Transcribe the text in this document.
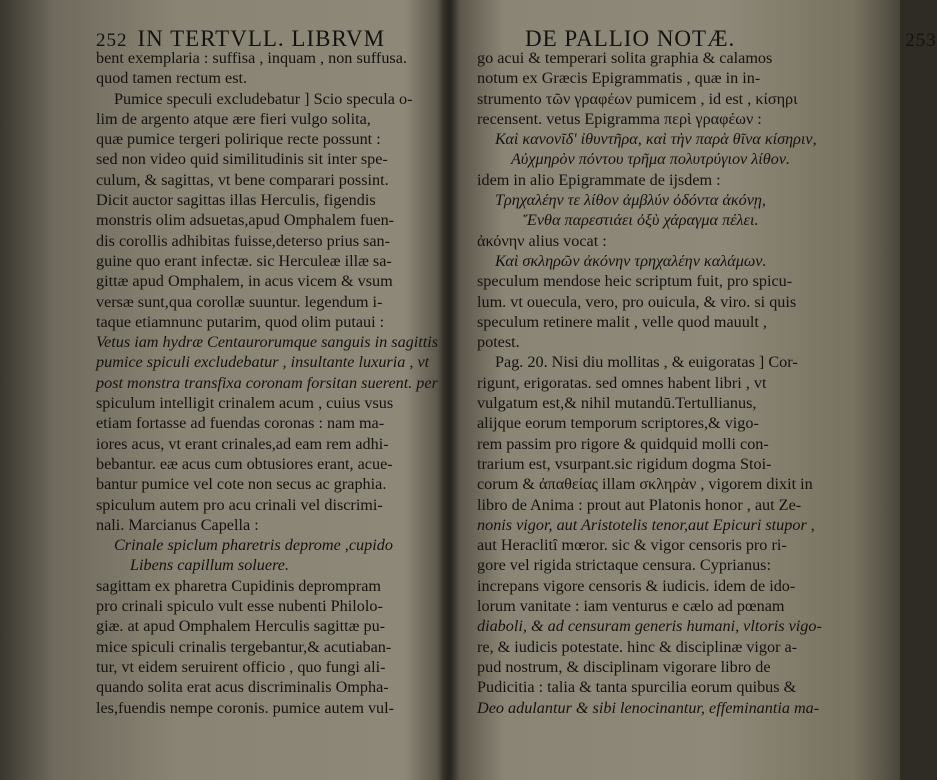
252 IN TERTVLL. LIBRVM
bent exemplaria : suffisa , inquam , non suffusa.
quod tamen rectum est.
Pumice speculi excludebatur ] Scio specula o-
lim de argento atque ære fieri vulgo solita,
quæ pumice tergeri polirique recte possunt :
sed non video quid similitudinis sit inter spe-
culum, & sagittas, vt bene comparari possint.
Dicit auctor sagittas illas Herculis, figendis
monstris olim adsuetas,apud Omphalem fuen-
dis corollis adhibitas fuisse,deterso prius san-
guine quo erant infectæ. sic Herculeæ illæ sa-
gittæ apud Omphalem, in acus vicem & vsum
versæ sunt,qua corollæ suuntur. legendum i-
taque etiamnunc putarim, quod olim putaui :
Vetus iam hydræ Centaurorumque sanguis in sagittis
pumice spiculi excludebatur , insultante luxuria , vt
post monstra transfixa coronam forsitan suerent. per
spiculum intelligit crinalem acum , cuius vsus
etiam fortasse ad fuendas coronas : nam ma-
iores acus, vt erant crinales,ad eam rem adhi-
bebantur. eæ acus cum obtusiores erant, acue-
bantur pumice vel cote non secus ac graphia.
spiculum autem pro acu crinali vel discrimi-
nali. Marcianus Capella :
Crinale spiclum pharetris deprome ,cupido
Libens capillum soluere.
sagittam ex pharetra Cupidinis deprompram
pro crinali spiculo vult esse nubenti Philolo-
giæ. at apud Omphalem Herculis sagittæ pu-
mice spiculi crinalis tergebantur,& acutiaban-
tur, vt eidem seruirent officio , quo fungi ali-
quando solita erat acus discriminalis Ompha-
les,fuendis nempe coronis. pumice autem vul-
DE PALLIO NOTÆ.	253
go acui & temperari solita graphia & calamos
notum ex Græcis Epigrammatis , quæ in in-
strumento τῶν γραφέων pumicem , id est , κίσηρι
recensent. vetus Epigramma περὶ γραφέων :
Καὶ κανονῖδ' ἰθυντῆρα, καὶ τὴν παρὰ θῖνα κίσηριν,
Αὐχμηρὸν πόντου τρῆμα πολυτρύγιον λίθον.
idem in alio Epigrammate de ijsdem :
Τρηχαλέην τε λίθον ἀμβλύν ὀδόντα ἀκόνῃ,
Ἔνθα παρεστιάει ὀξὺ χάραγμα πέλει.
ἀκόνην alius vocat :
Καὶ σκληρῶν ἀκόνην τρηχαλέην καλάμων.
speculum mendose heic scriptum fuit, pro spicu-
lum. vt ouecula, vero, pro ouicula, & viro. si quis
speculum retinere malit , velle quod mauult ,
potest.
Pag. 20. Nisi diu mollitas , & euigoratas ] Cor-
rigunt, erigoratas. sed omnes habent libri , vt
vulgatum est,& nihil mutandū.Tertullianus,
alijque eorum temporum scriptores,& vigo-
rem passim pro rigore & quidquid molli con-
trarium est, vsurpant.sic rigidum dogma Stoi-
corum & ἀπαθείας illam σκληρὰν , vigorem dixit in
libro de Anima : prout aut Platonis honor , aut Ze-
nonis vigor, aut Aristotelis tenor,aut Epicuri stupor ,
aut Heraclitî mœror. sic & vigor censoris pro ri-
gore vel rigida strictaque censura. Cyprianus:
increpans vigore censoris & iudicis. idem de ido-
lorum vanitate : iam venturus e cælo ad pœnam
diaboli, & ad censuram generis humani, vltoris vigo-
re, & iudicis potestate. hinc & disciplinæ vigor a-
pud nostrum, & disciplinam vigorare libro de
Pudicitia : talia & tanta spurcilia eorum quibus &
Deo adulantur & sibi lenocinantur, effeminantia ma-
